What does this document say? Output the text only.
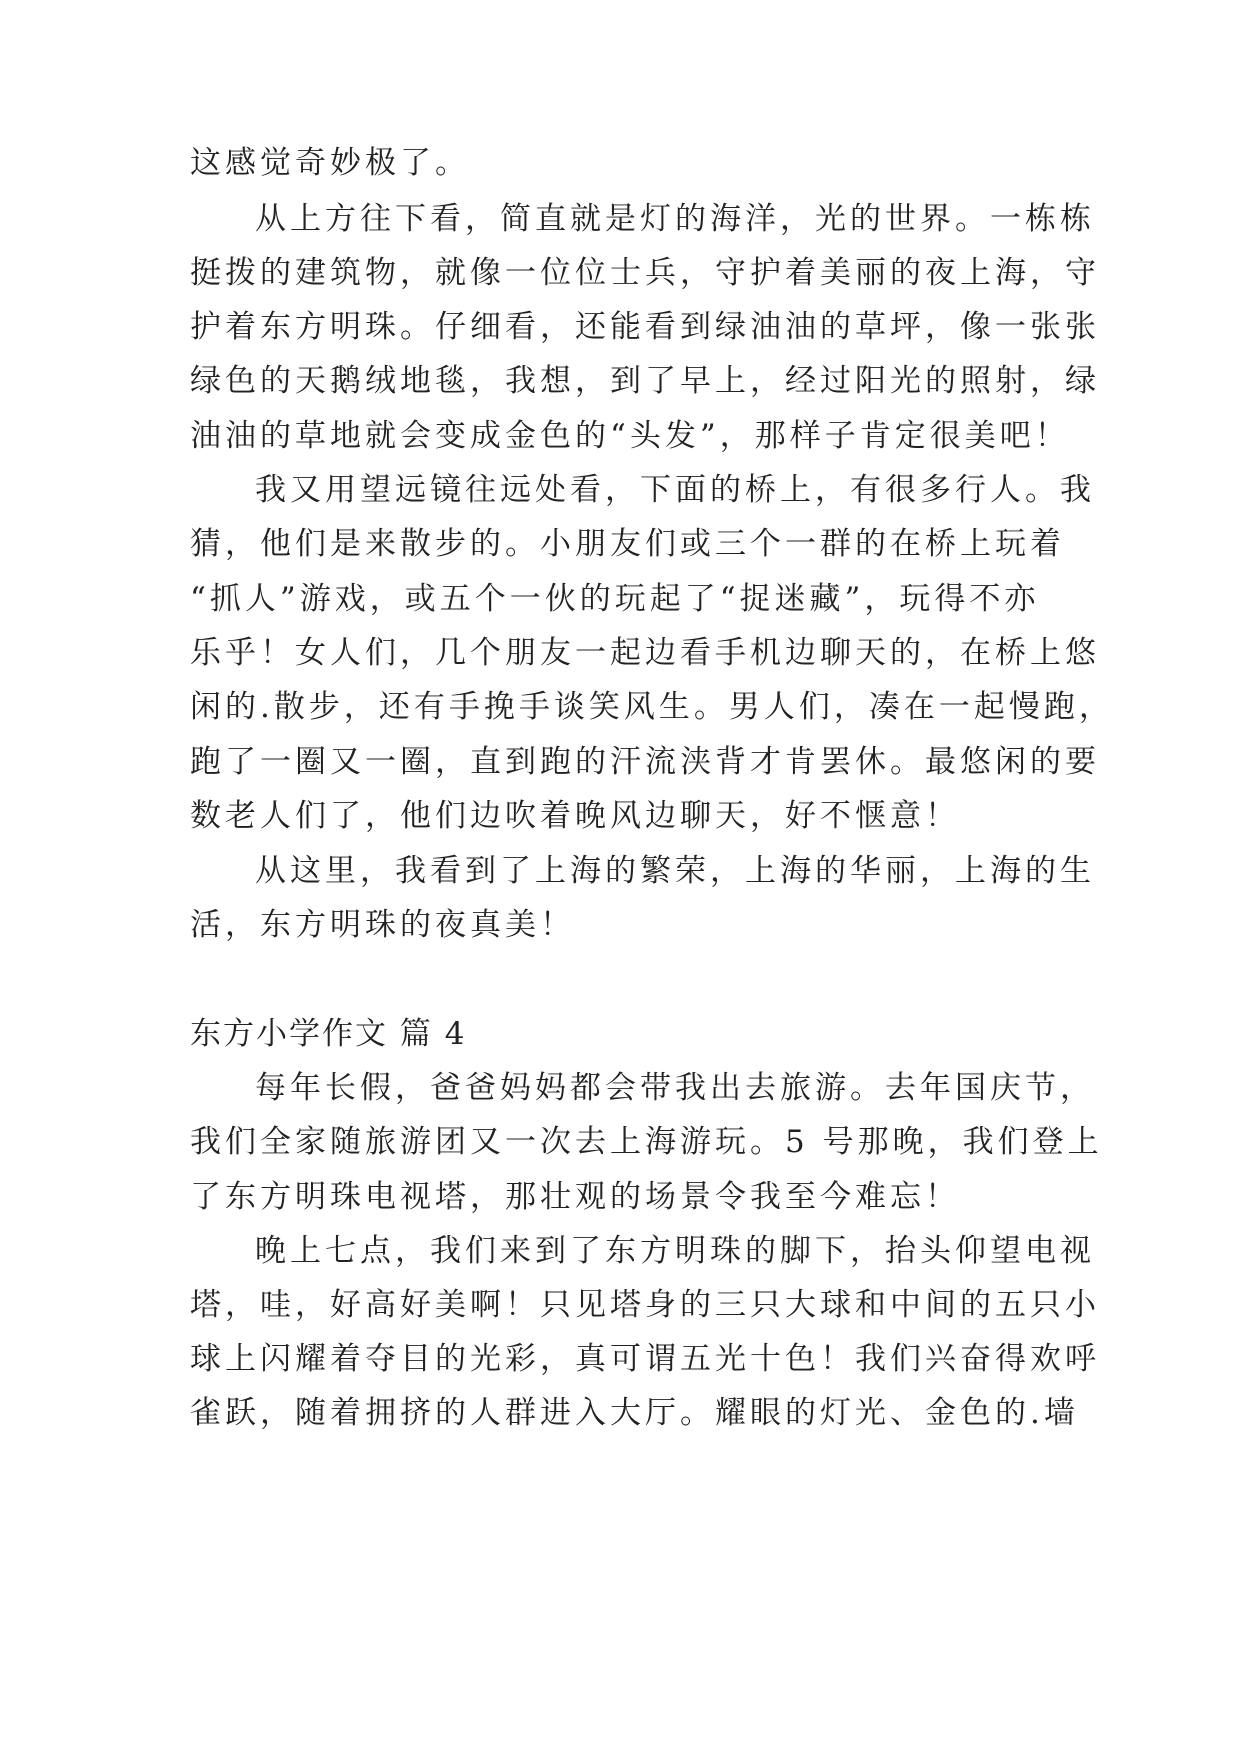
这感觉奇妙极了。
从上方往下看，简直就是灯的海洋，光的世界。一栋栋
挺拨的建筑物，就像一位位士兵，守护着美丽的夜上海，守
护着东方明珠。仔细看，还能看到绿油油的草坪，像一张张
绿色的天鹅绒地毯，我想，到了早上，经过阳光的照射，绿
油油的草地就会变成金色的“头发”，那样子肯定很美吧！
我又用望远镜往远处看，下面的桥上，有很多行人。我
猜，他们是来散步的。小朋友们或三个一群的在桥上玩着
“抓人”游戏，或五个一伙的玩起了“捉迷藏”，玩得不亦
乐乎！女人们，几个朋友一起边看手机边聊天的，在桥上悠
闲的.散步，还有手挽手谈笑风生。男人们，凑在一起慢跑，
跑了一圈又一圈，直到跑的汗流浃背才肯罢休。最悠闲的要
数老人们了，他们边吹着晚风边聊天，好不惬意！
从这里，我看到了上海的繁荣，上海的华丽，上海的生
活，东方明珠的夜真美！
东方小学作文 篇 4
每年长假，爸爸妈妈都会带我出去旅游。去年国庆节，
我们全家随旅游团又一次去上海游玩。5 号那晚，我们登上
了东方明珠电视塔，那壮观的场景令我至今难忘！
晚上七点，我们来到了东方明珠的脚下，抬头仰望电视
塔，哇，好高好美啊！只见塔身的三只大球和中间的五只小
球上闪耀着夺目的光彩，真可谓五光十色！我们兴奋得欢呼
雀跃，随着拥挤的人群进入大厅。耀眼的灯光、金色的.墙
